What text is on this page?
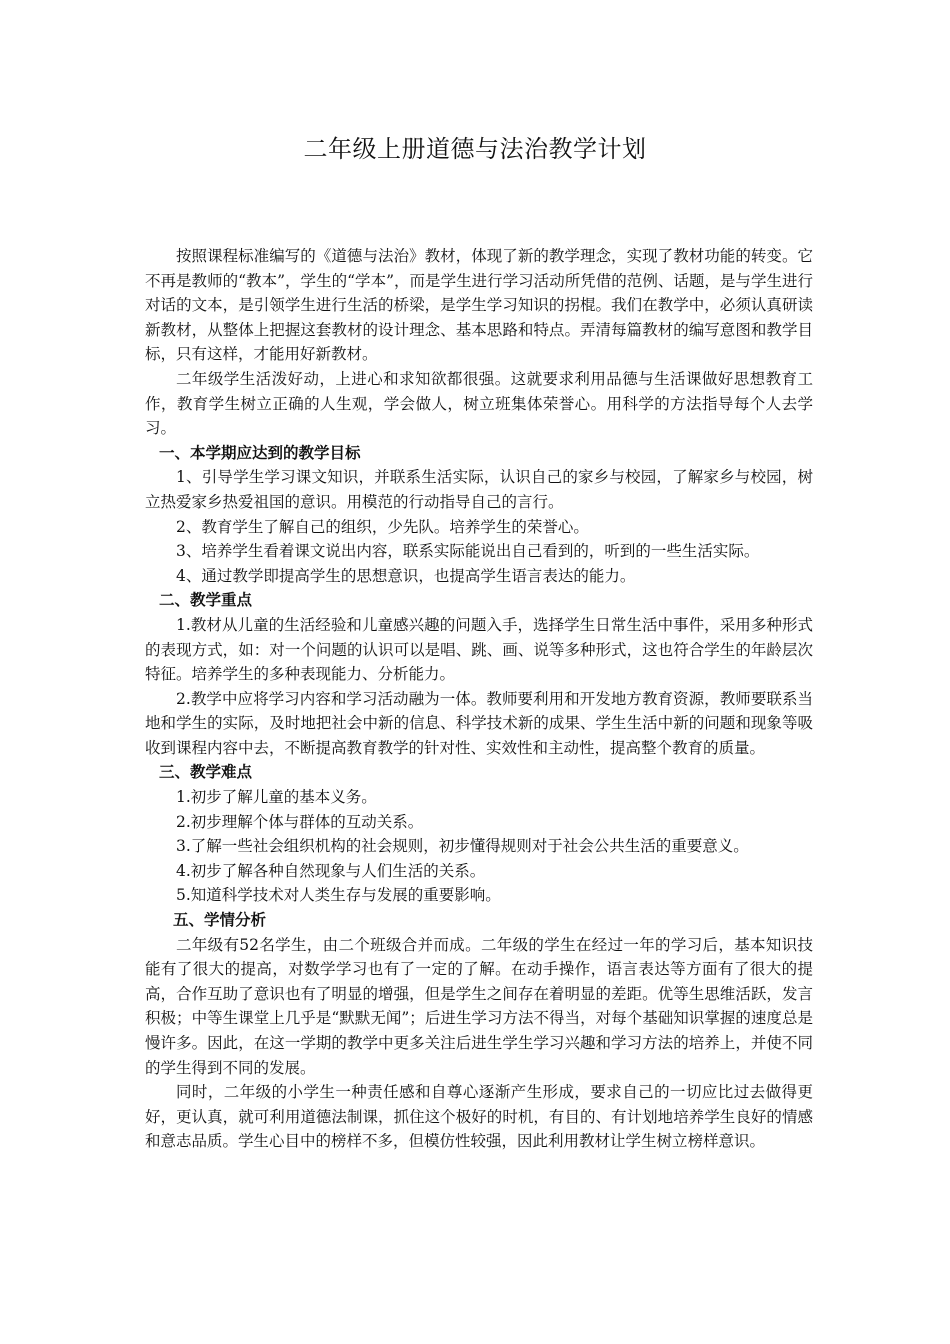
二年级上册道德与法治教学计划

按照课程标准编写的《道德与法治》教材，体现了新的教学理念，实现了教材功能的转变。它不再是教师的“教本”，学生的“学本”，而是学生进行学习活动所凭借的范例、话题，是与学生进行对话的文本，是引领学生进行生活的桥梁，是学生学习知识的拐棍。我们在教学中，必须认真研读新教材，从整体上把握这套教材的设计理念、基本思路和特点。弄清每篇教材的编写意图和教学目标，只有这样，才能用好新教材。

二年级学生活泼好动，上进心和求知欲都很强。这就要求利用品德与生活课做好思想教育工作，教育学生树立正确的人生观，学会做人，树立班集体荣誉心。用科学的方法指导每个人去学习。

一、本学期应达到的教学目标

1、引导学生学习课文知识，并联系生活实际，认识自己的家乡与校园，了解家乡与校园，树立热爱家乡热爱祖国的意识。用模范的行动指导自己的言行。

2、教育学生了解自己的组织，少先队。培养学生的荣誉心。

3、培养学生看着课文说出内容，联系实际能说出自己看到的，听到的一些生活实际。

4、通过教学即提高学生的思想意识，也提高学生语言表达的能力。

二、教学重点

1.教材从儿童的生活经验和儿童感兴趣的问题入手，选择学生日常生活中事件，采用多种形式的表现方式，如：对一个问题的认识可以是唱、跳、画、说等多种形式，这也符合学生的年龄层次特征。培养学生的多种表现能力、分析能力。

2.教学中应将学习内容和学习活动融为一体。教师要利用和开发地方教育资源，教师要联系当地和学生的实际，及时地把社会中新的信息、科学技术新的成果、学生生活中新的问题和现象等吸收到课程内容中去，不断提高教育教学的针对性、实效性和主动性，提高整个教育的质量。

三、教学难点

1.初步了解儿童的基本义务。

2.初步理解个体与群体的互动关系。

3.了解一些社会组织机构的社会规则，初步懂得规则对于社会公共生活的重要意义。

4.初步了解各种自然现象与人们生活的关系。

5.知道科学技术对人类生存与发展的重要影响。

五、学情分析

二年级有52名学生，由二个班级合并而成。二年级的学生在经过一年的学习后，基本知识技能有了很大的提高，对数学学习也有了一定的了解。在动手操作，语言表达等方面有了很大的提高，合作互助了意识也有了明显的增强，但是学生之间存在着明显的差距。优等生思维活跃，发言积极；中等生课堂上几乎是“默默无闻”；后进生学习方法不得当，对每个基础知识掌握的速度总是慢许多。因此，在这一学期的教学中更多关注后进生学生学习兴趣和学习方法的培养上，并使不同的学生得到不同的发展。

同时，二年级的小学生一种责任感和自尊心逐渐产生形成，要求自己的一切应比过去做得更好，更认真，就可利用道德法制课，抓住这个极好的时机，有目的、有计划地培养学生良好的情感和意志品质。学生心目中的榜样不多，但模仿性较强，因此利用教材让学生树立榜样意识。
